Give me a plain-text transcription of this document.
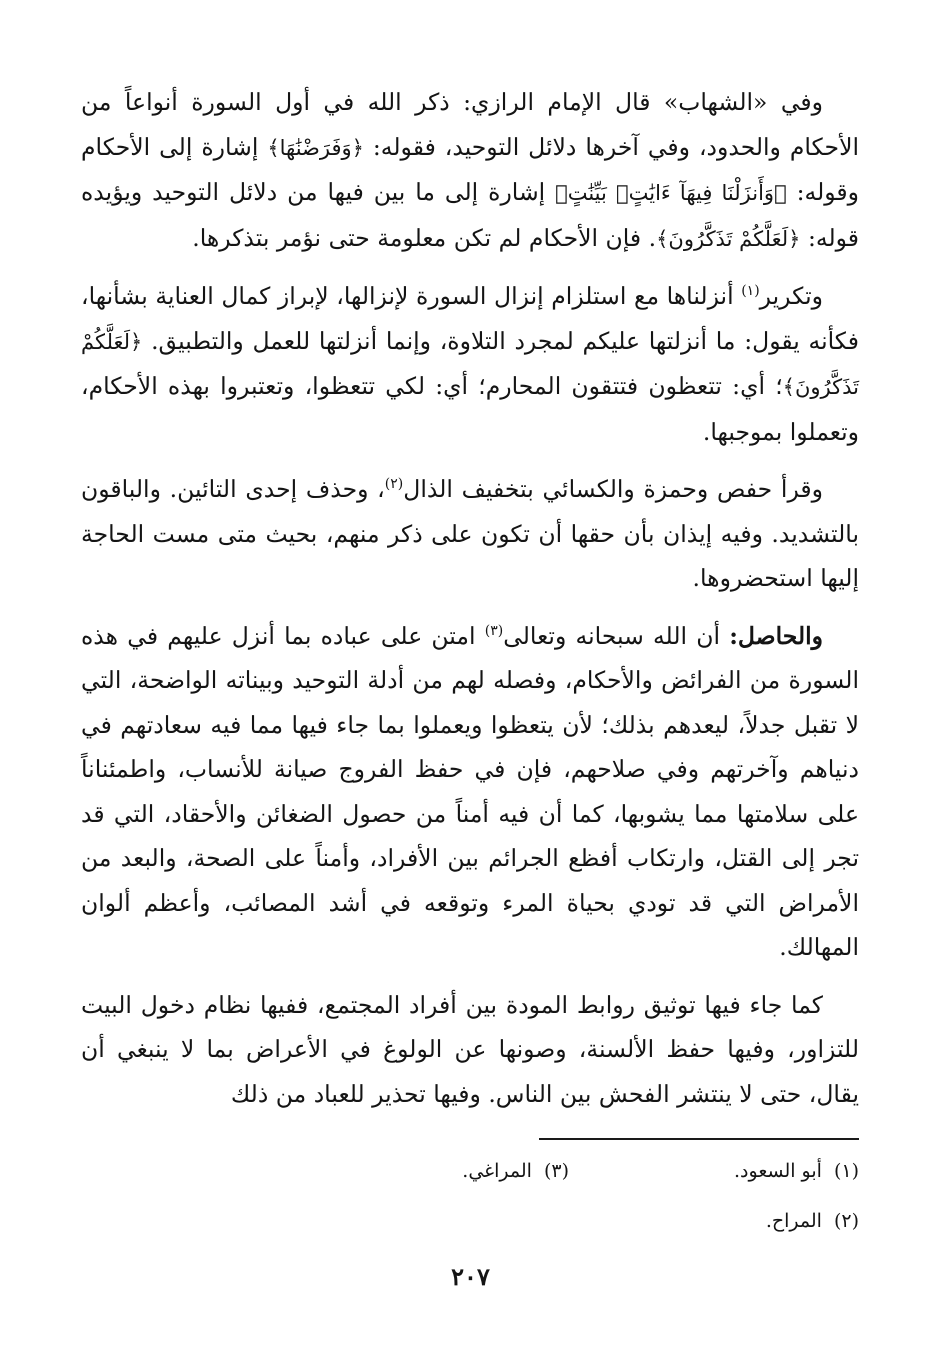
وفي «الشهاب» قال الإمام الرازي: ذكر الله في أول السورة أنواعاً من الأحكام والحدود، وفي آخرها دلائل التوحيد، فقوله: ﴿وَفَرَضْنَٰهَا﴾ إشارة إلى الأحكام وقوله: ﴿وَأَنزَلْنَا فِيهَآ ءَايَٰتٍۭ بَيِّنَٰتٍ﴾ إشارة إلى ما بين فيها من دلائل التوحيد ويؤيده قوله: ﴿لَعَلَّكُمْ تَذَكَّرُونَ﴾. فإن الأحكام لم تكن معلومة حتى نؤمر بتذكرها.

وتكرير$^{(١)}$ أنزلناها مع استلزام إنزال السورة لإنزالها، لإبراز كمال العناية بشأنها، فكأنه يقول: ما أنزلتها عليكم لمجرد التلاوة، وإنما أنزلتها للعمل والتطبيق. ﴿لَعَلَّكُمْ تَذَكَّرُونَ﴾؛ أي: تتعظون فتتقون المحارم؛ أي: لكي تتعظوا، وتعتبروا بهذه الأحكام، وتعملوا بموجبها.

وقرأ حفص وحمزة والكسائي بتخفيف الذال$^{(٢)}$، وحذف إحدى التائين. والباقون بالتشديد. وفيه إيذان بأن حقها أن تكون على ذكر منهم، بحيث متى مست الحاجة إليها استحضروها.

والحاصل: أن الله سبحانه وتعالى$^{(٣)}$ امتن على عباده بما أنزل عليهم في هذه السورة من الفرائض والأحكام، وفصله لهم من أدلة التوحيد وبيناته الواضحة، التي لا تقبل جدلاً، ليعدهم بذلك؛ لأن يتعظوا ويعملوا بما جاء فيها مما فيه سعادتهم في دنياهم وآخرتهم وفي صلاحهم، فإن في حفظ الفروج صيانة للأنساب، واطمئناناً على سلامتها مما يشوبها، كما أن فيه أمناً من حصول الضغائن والأحقاد، التي قد تجر إلى القتل، وارتكاب أفظع الجرائم بين الأفراد، وأمناً على الصحة، والبعد من الأمراض التي قد تودي بحياة المرء وتوقعه في أشد المصائب، وأعظم ألوان المهالك.

كما جاء فيها توثيق روابط المودة بين أفراد المجتمع، ففيها نظام دخول البيت للتزاور، وفيها حفظ الألسنة، وصونها عن الولوغ في الأعراض بما لا ينبغي أن يقال، حتى لا ينتشر الفحش بين الناس. وفيها تحذير للعباد من ذلك

(١)أبو السعود.
(٣)المراغي.
(٢)المراح.
٢٠٧
